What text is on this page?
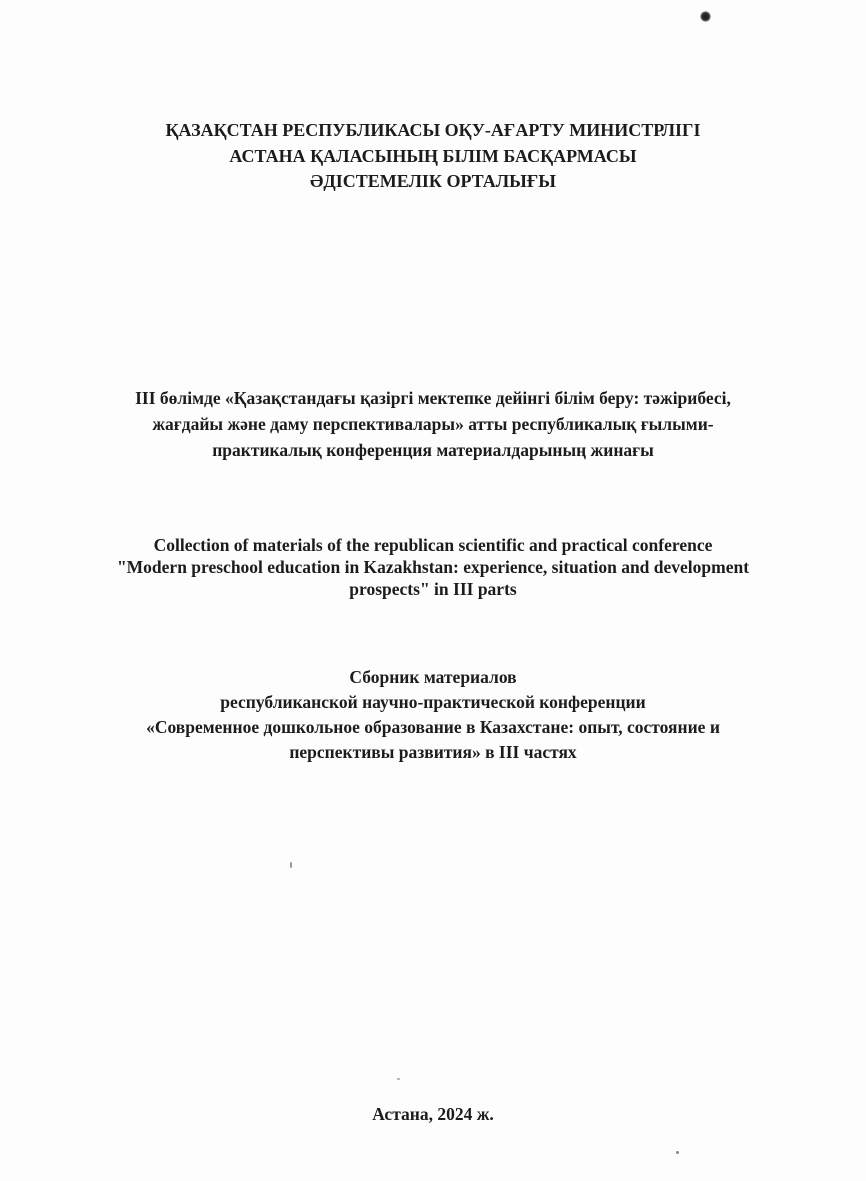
ҚАЗАҚСТАН РЕСПУБЛИКАСЫ ОҚУ-АҒАРТУ МИНИСТРЛІГІ
АСТАНА ҚАЛАСЫНЫҢ БІЛІМ БАСҚАРМАСЫ
ӘДІСТЕМЕЛІК ОРТАЛЫҒЫ
III бөлімде «Қазақстандағы қазіргі мектепке дейінгі білім беру: тәжірибесі,
жағдайы және даму перспективалары» атты республикалық ғылыми-
практикалық конференция материалдарының жинағы
Collection of materials of the republican scientific and practical conference
"Modern preschool education in Kazakhstan: experience, situation and development
prospects" in III parts
Сборник материалов
республиканской научно-практической конференции
«Современное дошкольное образование в Казахстане: опыт, состояние и
перспективы развития» в III частях
Астана, 2024 ж.
